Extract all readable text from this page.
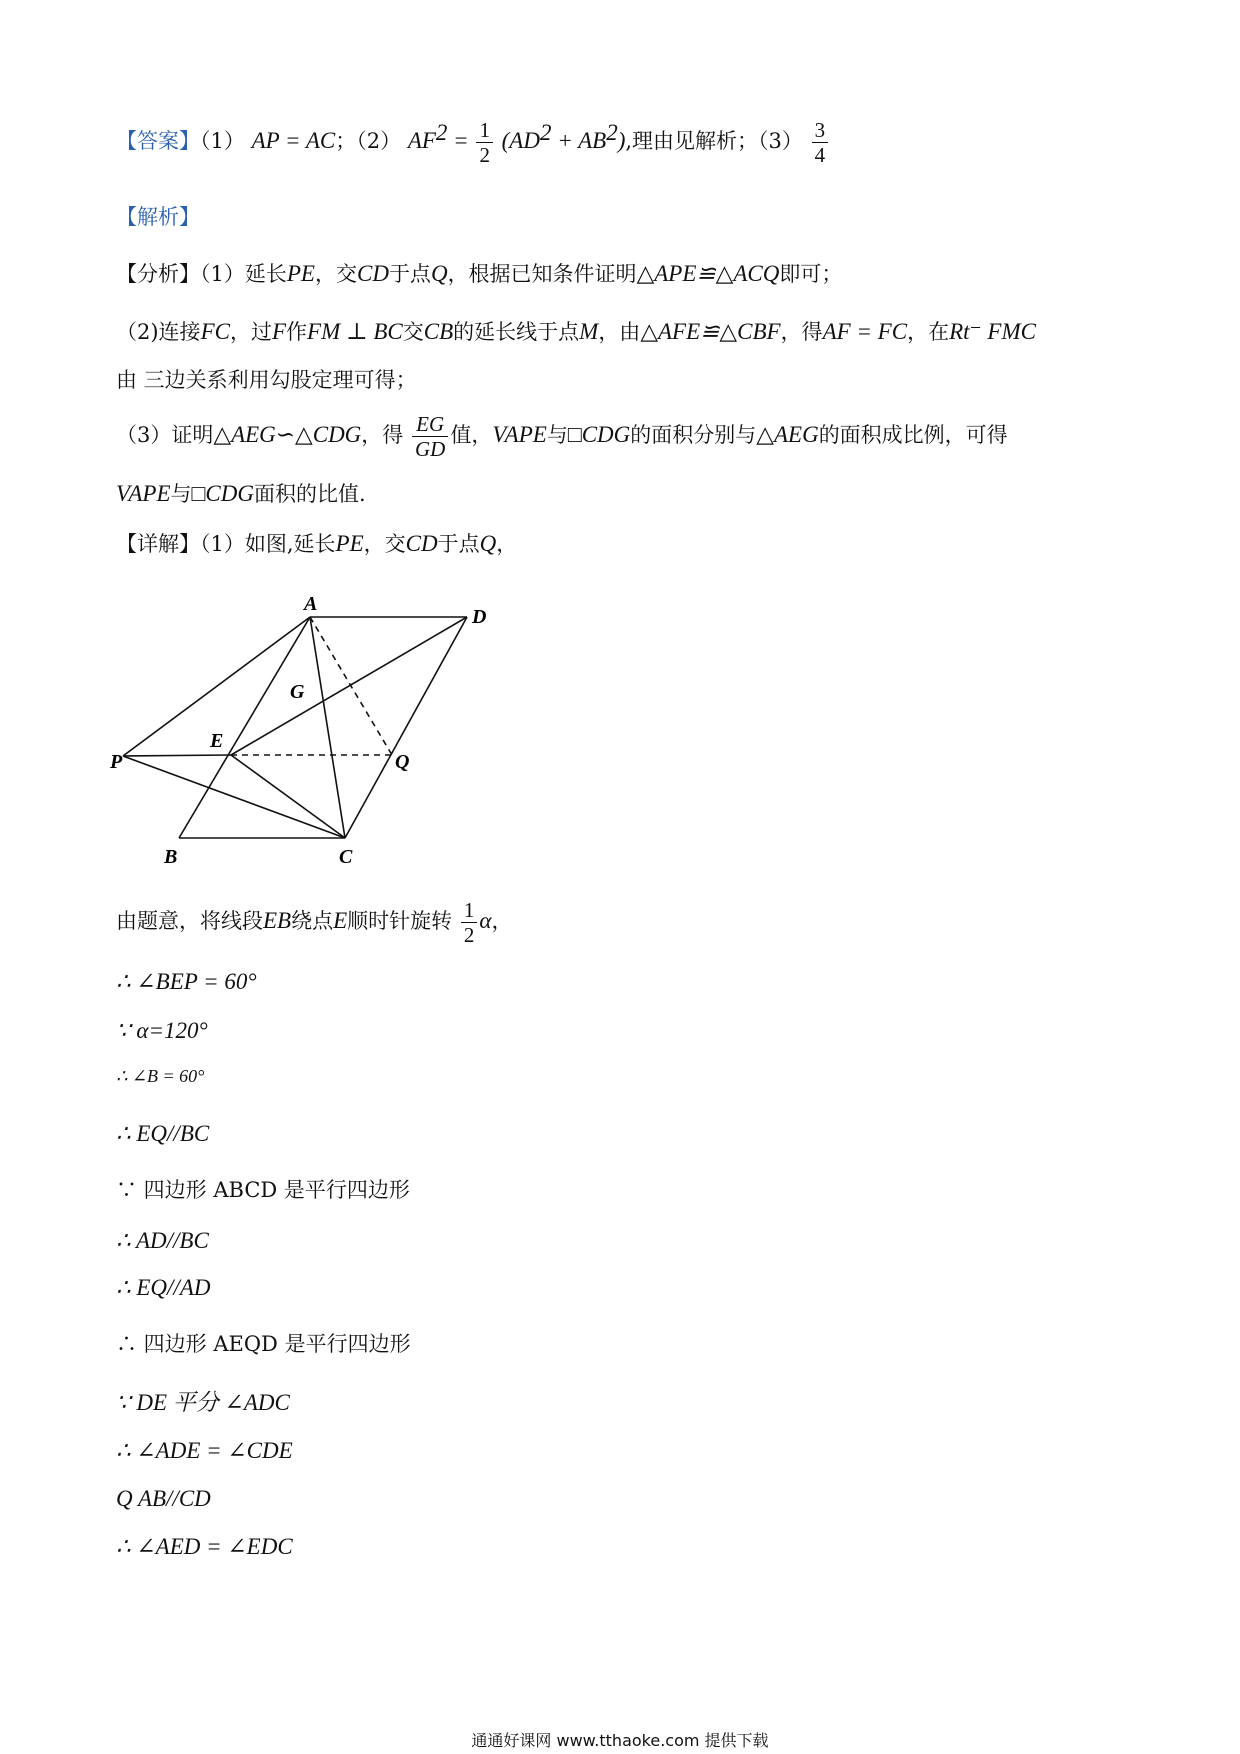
【答案】（1） AP = AC；（2） $AF^2 = \frac{1}{2} (AD^2 + AB^2)$,理由见解析；$(3) \frac{3}{4}$
【解析】
【分析】（1）延长PE，交CD于点Q，根据已知条件证明△APE≌△ACQ即可；
（2)连接FC，过F作FM ⊥ BC交CB的延长线于点M，由△AFE≌△CBF，得AF = FC，在Rt⁻ FMC
由 三边关系利用勾股定理可得；
（3）证明△AEG∽△CDG，得 $\frac{EG}{GD}$ 值，VAPE与□CDG的面积分别与△AEG的面积成比例，可得
VAPE与□CDG面积的比值.
【详解】（1）如图,延长PE，交CD于点Q，
A
D
G
E
P	Q
B	C
由题意，将线段EB绕点E顺时针旋转 $\frac{1}{2}$ α，
∴ ∠BEP = 60°
∵ α=120°
∴ ∠B = 60°
∴ EQ//BC
∵ 四边形 ABCD 是平行四边形
∴ AD//BC
∴ EQ//AD
∴ 四边形 AEQD 是平行四边形
∵ DE 平分 ∠ADC
∴ ∠ADE = ∠CDE
Q AB//CD
∴ ∠AED = ∠EDC
通通好课网 www.tthaoke.com 提供下载
